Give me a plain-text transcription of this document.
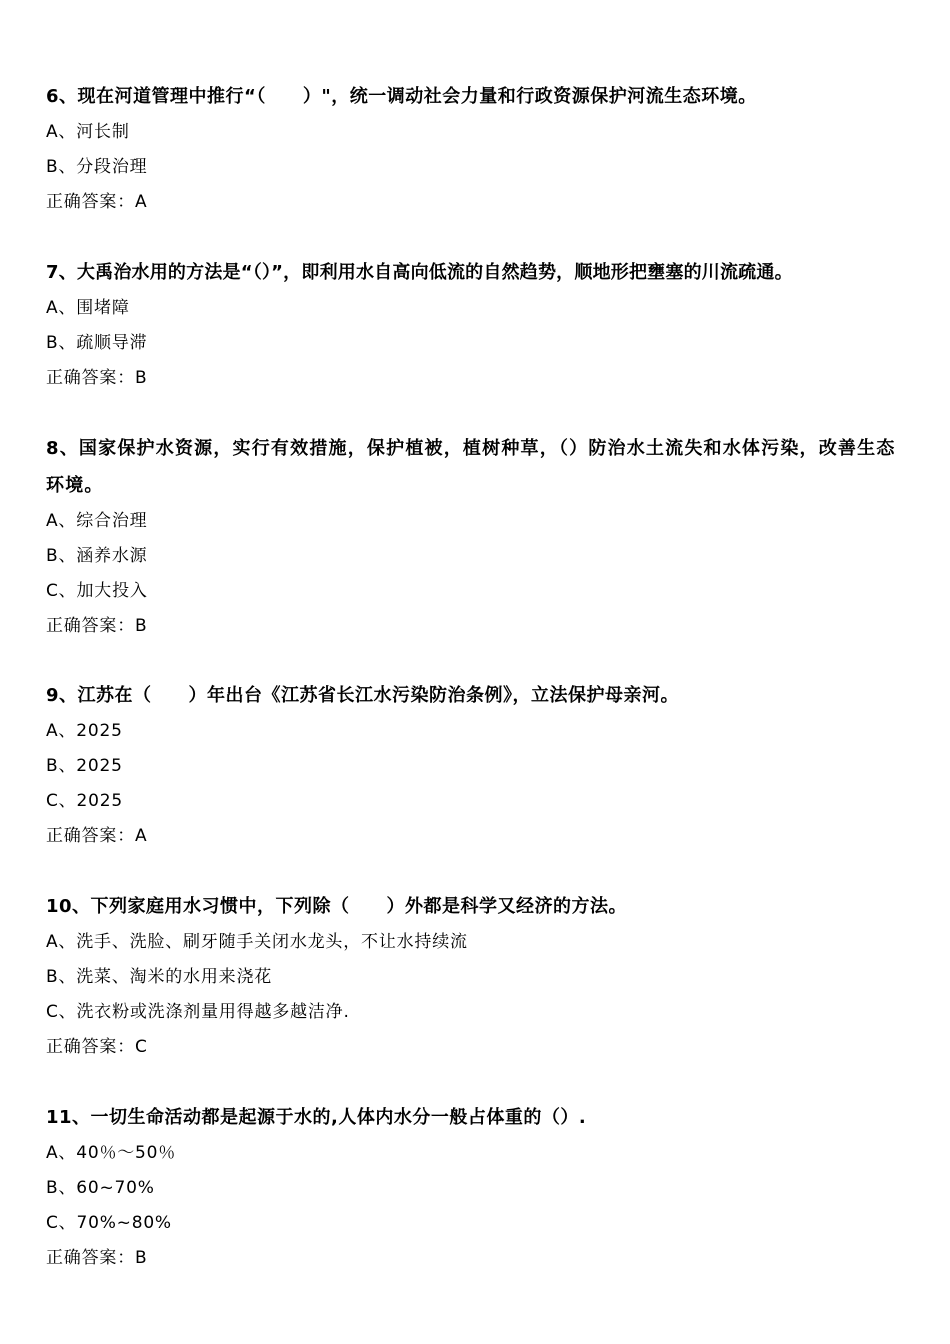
6、现在河道管理中推行“（　　）"，统一调动社会力量和行政资源保护河流生态环境。

A、河长制

B、分段治理

正确答案：A

7、大禹治水用的方法是“（）”，即利用水自高向低流的自然趋势，顺地形把壅塞的川流疏通。

A、围堵障

B、疏顺导滞

正确答案：B

8、国家保护水资源，实行有效措施，保护植被，植树种草，（）防治水土流失和水体污染，改善生态环境。

A、综合治理

B、涵养水源

C、加大投入

正确答案：B

9、江苏在（　　）年出台《江苏省长江水污染防治条例》，立法保护母亲河。

A、2025

B、2025

C、2025

正确答案：A

10、下列家庭用水习惯中，下列除（　　）外都是科学又经济的方法。

A、洗手、洗脸、刷牙随手关闭水龙头，不让水持续流

B、洗菜、淘米的水用来浇花

C、洗衣粉或洗涤剂量用得越多越洁净.

正确答案：C

11、一切生命活动都是起源于水的,人体内水分一般占体重的（）.

A、40％～50％

B、60~70%

C、70%~80%

正确答案：B
